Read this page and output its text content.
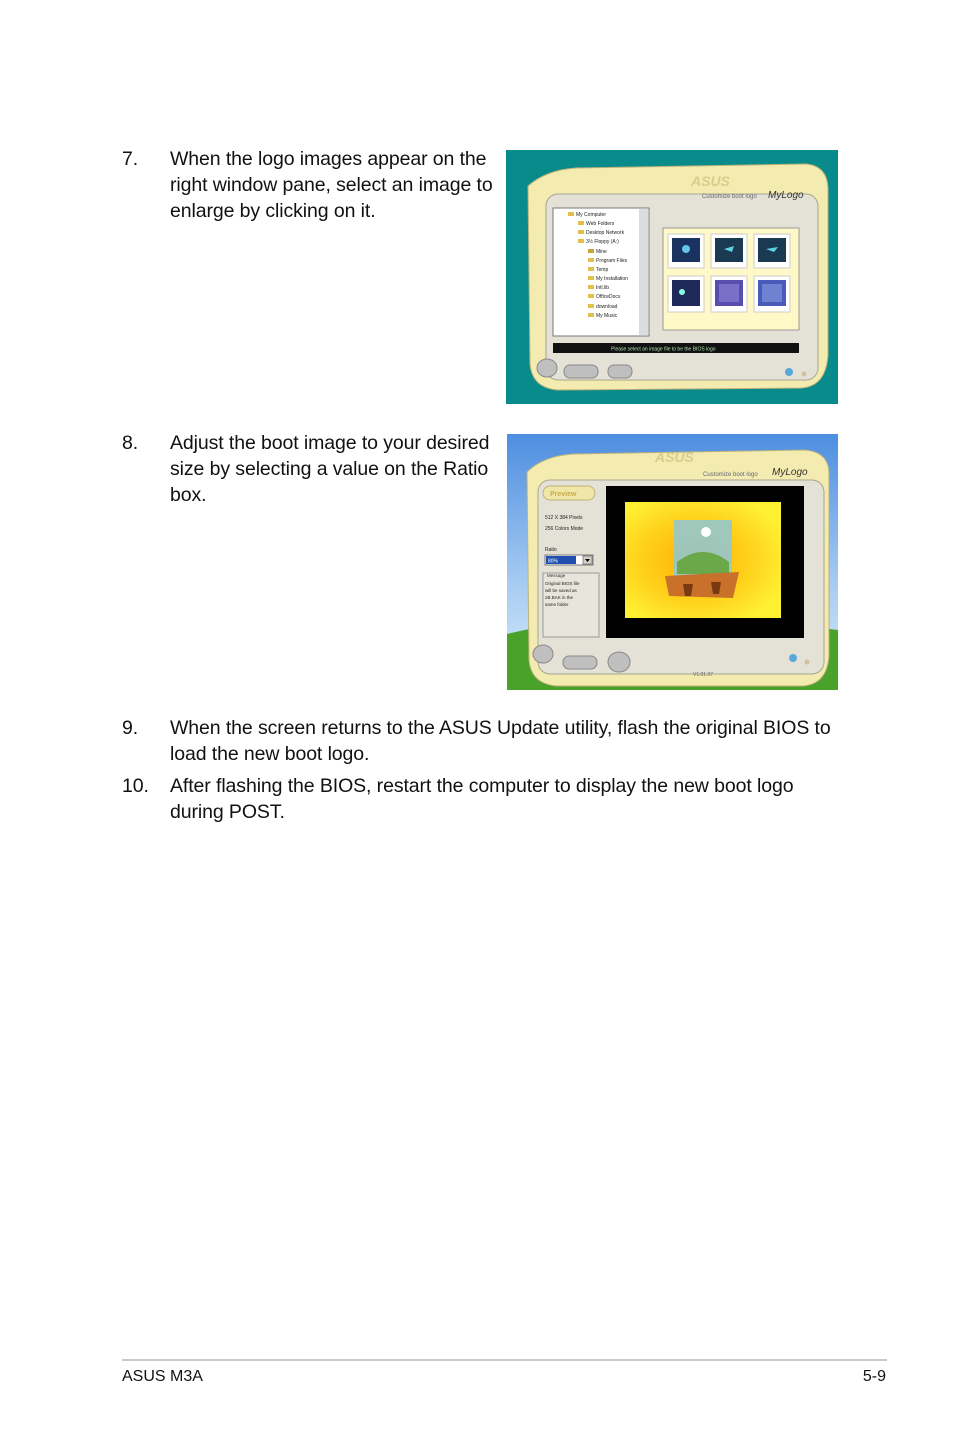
7. When the logo images appear on the
right window pane, select an image to
enlarge by clicking on it.
ASUS
Customize boot logo MyLogo
My Computer
Web Folders
Desktop Network
3½ Floppy (A:)
Mine
Program Files
Temp
My Installation
Intl.lib
OfficeDocs
download
My Music
Please select an image file to be the BIOS logo
8. Adjust the boot image to your desired
size by selecting a value on the Ratio
box.
ASUS
Customize boot logo MyLogo
Preview
512 X 384 Pixels
256 Colors Mode
Ratio
80%
Message
Original BIOS file
will be saved as
2B.BAK in the
same folder
V1.01.07
9. When the screen returns to the ASUS Update utility, flash the original BIOS to
load the new boot logo.
10. After flashing the BIOS, restart the computer to display the new boot logo
during POST.
ASUS M3A	5-9
